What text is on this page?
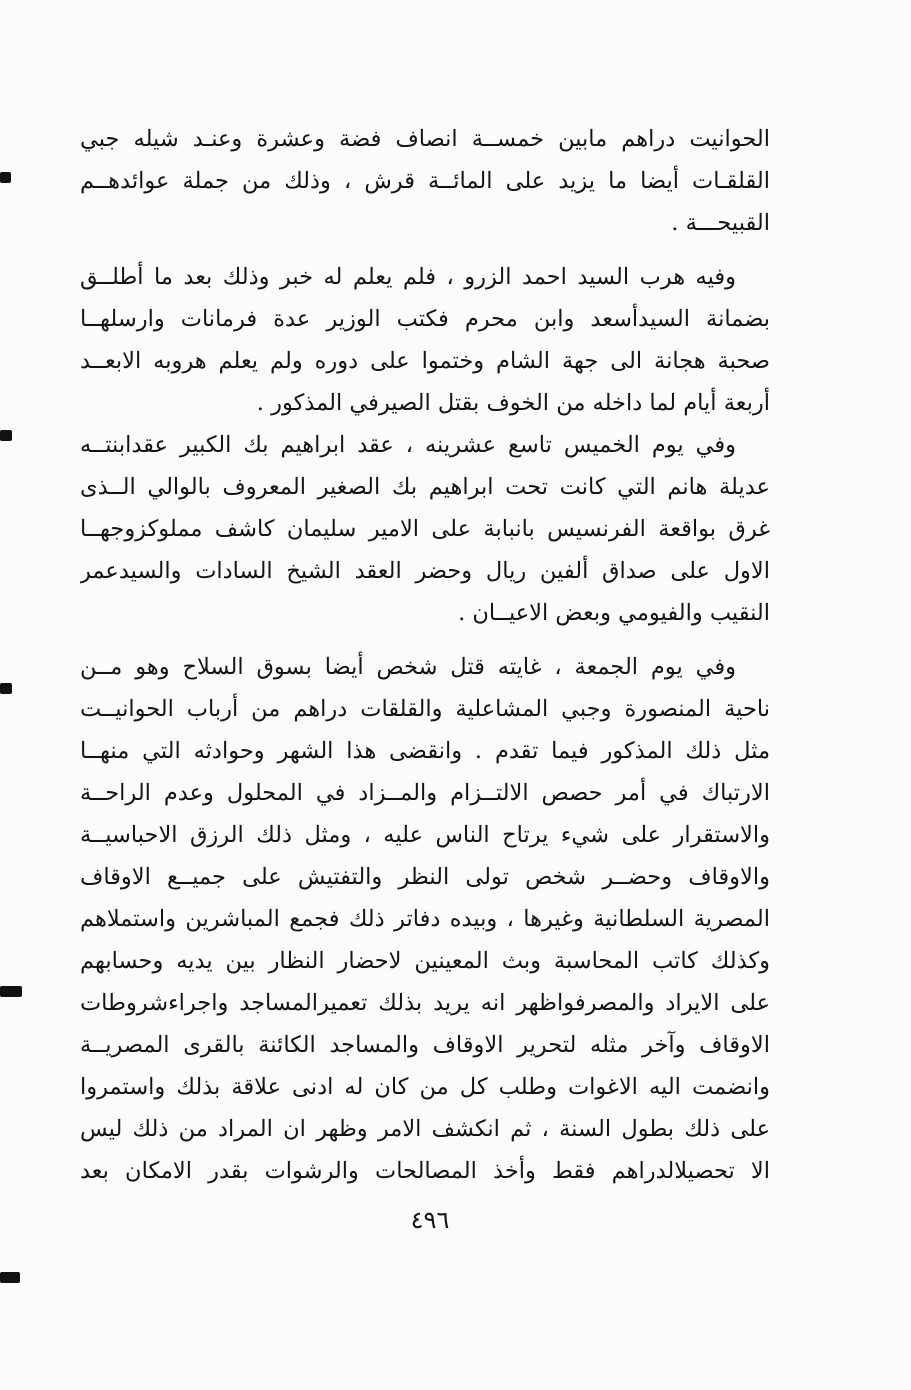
الحوانيت دراهم مابين خمســة انصاف فضة وعشرة وعنـد شيله جبي
القلقـات أيضا ما يزيد على المائــة قرش ، وذلك من جملة عوائدهــم
القبيحـــة .
وفيه هرب السيد احمد الزرو ، فلم يعلم له خبر وذلك بعد ما أطلــق
بضمانة السيدأسعد وابن محرم فكتب الوزير عدة فرمانات وارسلهــا
صحبة هجانة الى جهة الشام وختموا على دوره ولم يعلم هروبه الابعــد
أربعة أيام لما داخله من الخوف بقتل الصيرفي المذكور .
وفي يوم الخميس تاسع عشرينه ، عقد ابراهيم بك الكبير عقدابنتــه
عديلة هانم التي كانت تحت ابراهيم بك الصغير المعروف بالوالي الــذى
غرق بواقعة الفرنسيس بانبابة على الامير سليمان كاشف مملوكزوجهــا
الاول على صداق ألفين ريال وحضر العقد الشيخ السادات والسيدعمر
النقيب والفيومي وبعض الاعيــان .
وفي يوم الجمعة ، غايته قتل شخص أيضا بسوق السلاح وهو مــن
ناحية المنصورة وجبي المشاعلية والقلقات دراهم من أرباب الحوانيــت
مثل ذلك المذكور فيما تقدم . وانقضى هذا الشهر وحوادثه التي منهــا
الارتباك في أمر حصص الالتــزام والمــزاد في المحلول وعدم الراحــة
والاستقرار على شيء يرتاح الناس عليه ، ومثل ذلك الرزق الاحباسيــة
والاوقاف وحضــر شخص تولى النظر والتفتيش على جميــع الاوقاف
المصرية السلطانية وغيرها ، وبيده دفاتر ذلك فجمع المباشرين واستملاهم
وكذلك كاتب المحاسبة وبث المعينين لاحضار النظار بين يديه وحسابهم
على الايراد والمصرفواظهر انه يريد بذلك تعميرالمساجد واجراءشروطات
الاوقاف وآخر مثله لتحرير الاوقاف والمساجد الكائنة بالقرى المصريــة
وانضمت اليه الاغوات وطلب كل من كان له ادنى علاقة بذلك واستمروا
على ذلك بطول السنة ، ثم انكشف الامر وظهر ان المراد من ذلك ليس
الا تحصيلالدراهم فقط وأخذ المصالحات والرشوات بقدر الامكان بعد
٤٩٦
